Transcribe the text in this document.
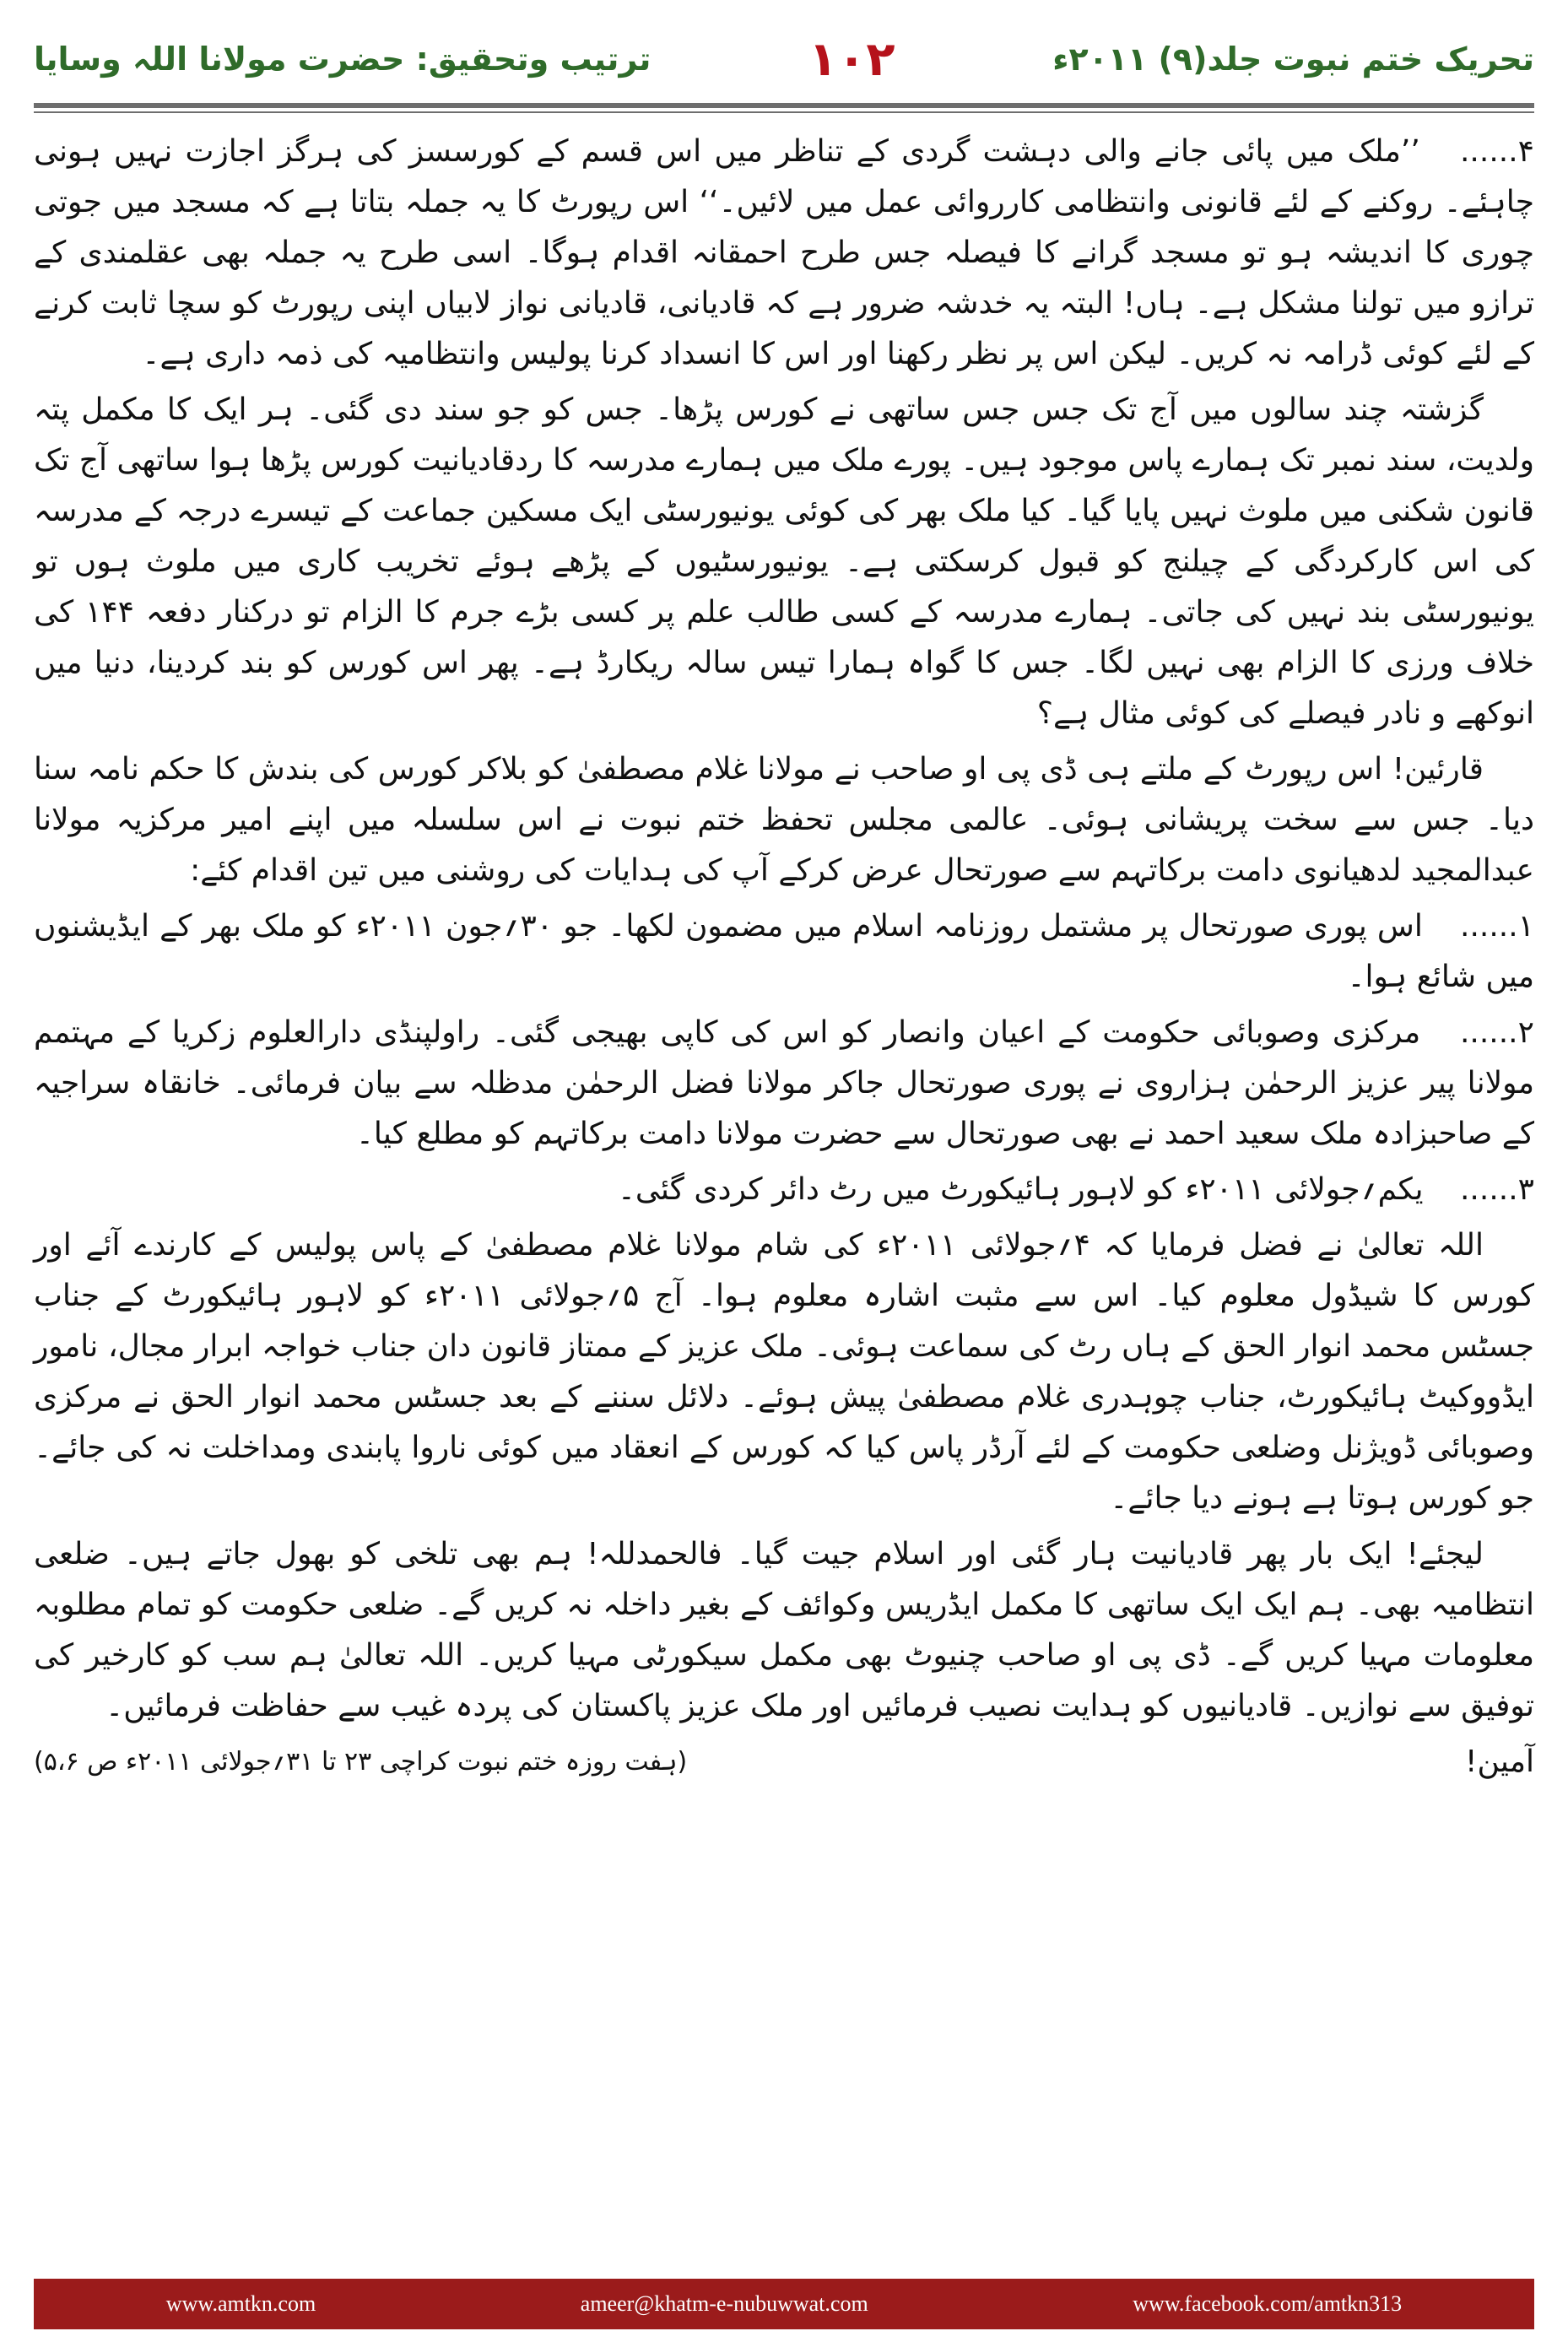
ترتیب وتحقیق: حضرت مولانا اللہ وسایا	۱۰۲	تحریک ختم نبوت جلد(۹) ۲۰۱۱ء

۴...... ’’ملک میں پائی جانے والی دہشت گردی کے تناظر میں اس قسم کے کورسسز کی ہرگز اجازت نہیں ہونی چاہئے۔ روکنے کے لئے قانونی وانتظامی کارروائی عمل میں لائیں۔‘‘ اس رپورٹ کا یہ جملہ بتاتا ہے کہ مسجد میں جوتی چوری کا اندیشہ ہو تو مسجد گرانے کا فیصلہ جس طرح احمقانہ اقدام ہوگا۔ اسی طرح یہ جملہ بھی عقلمندی کے ترازو میں تولنا مشکل ہے۔ ہاں! البتہ یہ خدشہ ضرور ہے کہ قادیانی، قادیانی نواز لابیاں اپنی رپورٹ کو سچا ثابت کرنے کے لئے کوئی ڈرامہ نہ کریں۔ لیکن اس پر نظر رکھنا اور اس کا انسداد کرنا پولیس وانتظامیہ کی ذمہ داری ہے۔

گزشتہ چند سالوں میں آج تک جس جس ساتھی نے کورس پڑھا۔ جس کو جو سند دی گئی۔ ہر ایک کا مکمل پتہ ولدیت، سند نمبر تک ہمارے پاس موجود ہیں۔ پورے ملک میں ہمارے مدرسہ کا ردقادیانیت کورس پڑھا ہوا ساتھی آج تک قانون شکنی میں ملوث نہیں پایا گیا۔ کیا ملک بھر کی کوئی یونیورسٹی ایک مسکین جماعت کے تیسرے درجہ کے مدرسہ کی اس کارکردگی کے چیلنج کو قبول کرسکتی ہے۔ یونیورسٹیوں کے پڑھے ہوئے تخریب کاری میں ملوث ہوں تو یونیورسٹی بند نہیں کی جاتی۔ ہمارے مدرسہ کے کسی طالب علم پر کسی بڑے جرم کا الزام تو درکنار دفعہ ۱۴۴ کی خلاف ورزی کا الزام بھی نہیں لگا۔ جس کا گواہ ہمارا تیس سالہ ریکارڈ ہے۔ پھر اس کورس کو بند کردینا، دنیا میں انوکھے و نادر فیصلے کی کوئی مثال ہے؟

قارئین! اس رپورٹ کے ملتے ہی ڈی پی او صاحب نے مولانا غلام مصطفیٰ کو بلاکر کورس کی بندش کا حکم نامہ سنا دیا۔ جس سے سخت پریشانی ہوئی۔ عالمی مجلس تحفظ ختم نبوت نے اس سلسلہ میں اپنے امیر مرکزیہ مولانا عبدالمجید لدھیانوی دامت برکاتہم سے صورتحال عرض کرکے آپ کی ہدایات کی روشنی میں تین اقدام کئے:

۱...... اس پوری صورتحال پر مشتمل روزنامہ اسلام میں مضمون لکھا۔ جو ۳۰؍جون ۲۰۱۱ء کو ملک بھر کے ایڈیشنوں میں شائع ہوا۔

۲...... مرکزی وصوبائی حکومت کے اعیان وانصار کو اس کی کاپی بھیجی گئی۔ راولپنڈی دارالعلوم زکریا کے مہتمم مولانا پیر عزیز الرحمٰن ہزاروی نے پوری صورتحال جاکر مولانا فضل الرحمٰن مدظلہ سے بیان فرمائی۔ خانقاہ سراجیہ کے صاحبزادہ ملک سعید احمد نے بھی صورتحال سے حضرت مولانا دامت برکاتہم کو مطلع کیا۔

۳...... یکم؍جولائی ۲۰۱۱ء کو لاہور ہائیکورٹ میں رٹ دائر کردی گئی۔

اللہ تعالیٰ نے فضل فرمایا کہ ۴؍جولائی ۲۰۱۱ء کی شام مولانا غلام مصطفیٰ کے پاس پولیس کے کارندے آئے اور کورس کا شیڈول معلوم کیا۔ اس سے مثبت اشارہ معلوم ہوا۔ آج ۵؍جولائی ۲۰۱۱ء کو لاہور ہائیکورٹ کے جناب جسٹس محمد انوار الحق کے ہاں رٹ کی سماعت ہوئی۔ ملک عزیز کے ممتاز قانون دان جناب خواجہ ابرار مجال، نامور ایڈووکیٹ ہائیکورٹ، جناب چوہدری غلام مصطفیٰ پیش ہوئے۔ دلائل سننے کے بعد جسٹس محمد انوار الحق نے مرکزی وصوبائی ڈویژنل وضلعی حکومت کے لئے آرڈر پاس کیا کہ کورس کے انعقاد میں کوئی ناروا پابندی ومداخلت نہ کی جائے۔ جو کورس ہوتا ہے ہونے دیا جائے۔

لیجئے! ایک بار پھر قادیانیت ہار گئی اور اسلام جیت گیا۔ فالحمدللہ! ہم بھی تلخی کو بھول جاتے ہیں۔ ضلعی انتظامیہ بھی۔ ہم ایک ایک ساتھی کا مکمل ایڈریس وکوائف کے بغیر داخلہ نہ کریں گے۔ ضلعی حکومت کو تمام مطلوبہ معلومات مہیا کریں گے۔ ڈی پی او صاحب چنیوٹ بھی مکمل سیکورٹی مہیا کریں۔ اللہ تعالیٰ ہم سب کو کارخیر کی توفیق سے نوازیں۔ قادیانیوں کو ہدایت نصیب فرمائیں اور ملک عزیز پاکستان کی پردہ غیب سے حفاظت فرمائیں۔

آمین!
(ہفت روزہ ختم نبوت کراچی ۲۳ تا ۳۱؍جولائی ۲۰۱۱ء ص ۵،۶)
www.amtkn.com	ameer@khatm-e-nubuwwat.com	www.facebook.com/amtkn313
